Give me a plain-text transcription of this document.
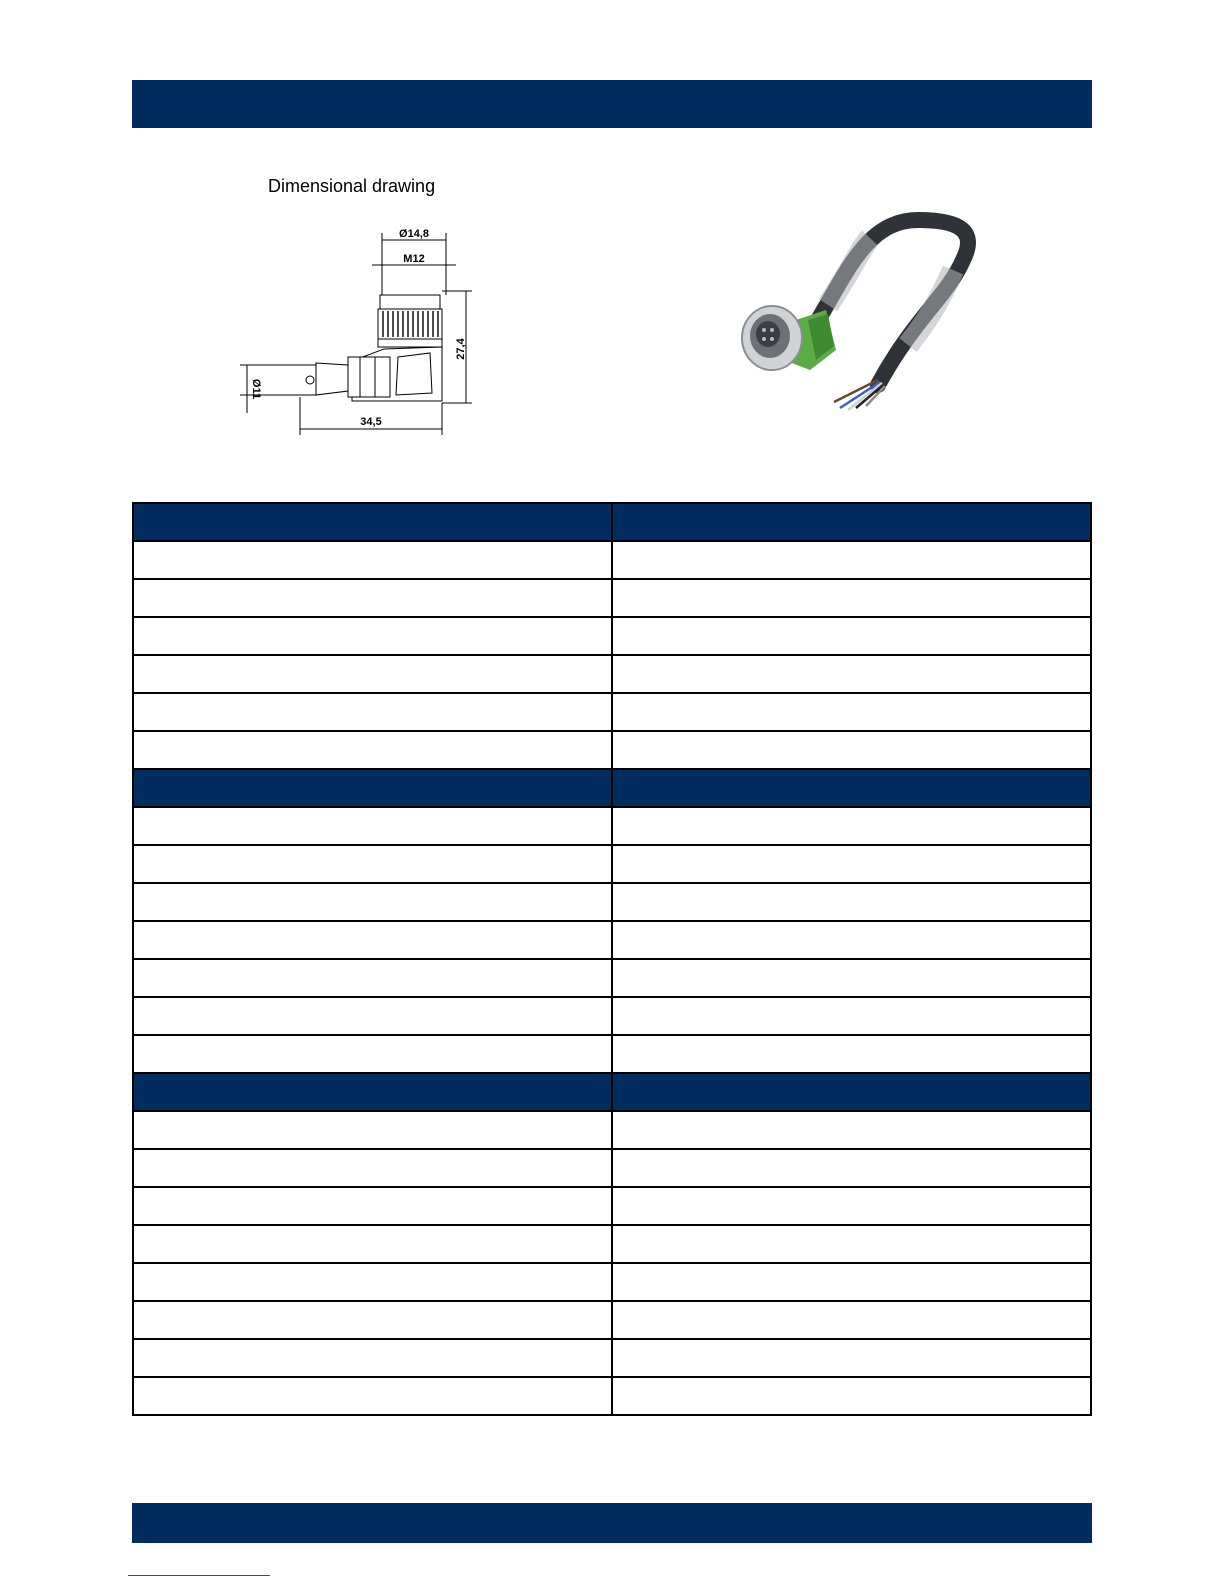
Dimensional drawing
Ø14,8
M12
27,4
Ø11
34,5
